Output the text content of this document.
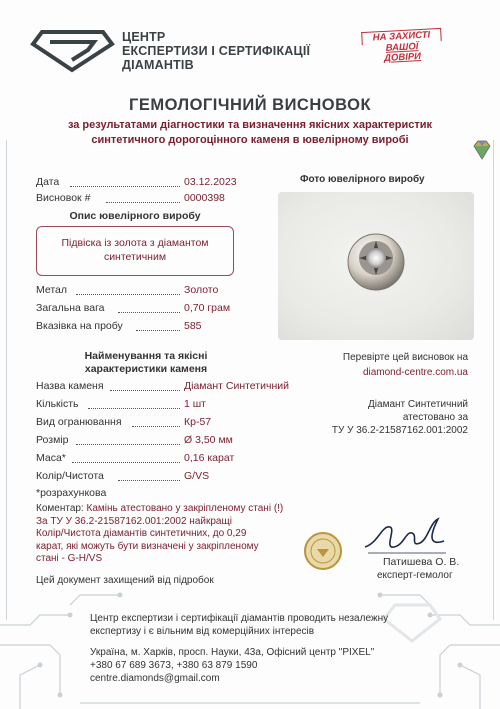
ЦЕНТР
ЕКСПЕРТИЗИ І СЕРТИФІКАЦІЇ
ДІАМАНТІВ
НА ЗАХИСТІ
ВАШОЇ
ДОВІРИ
ГЕМОЛОГІЧНИЙ ВИСНОВОК
за результатами діагностики та визначення якісних характеристик
синтетичного дорогоцінного каменя в ювелірному виробі
Дата	03.12.2023
Висновок #	0000398
Опис ювелірного виробу
Підвіска із золота з діамантом
синтетичним
Метал	Золото
Загальна вага	0,70 грам
Вказівка на пробу	585
Фото ювелірного виробу
Найменування та якісні
характеристики каменя
Назва каменя	Діамант Синтетичний
Кількість	1 шт
Вид огранювання	Кр-57
Розмір	Ø 3,50 мм
Маса*	0,16 карат
Колір/Чистота	G/VS
*розрахункова
Перевірте цей висновок на
diamond-centre.com.ua
Діамант Синтетичний
атестовано за
ТУ У 36.2-21587162.001:2002
Коментар: Камінь атестовано у закріпленому стані (!)
За ТУ У 36.2-21587162.001:2002 найкращі
Колір/Чистота діамантів синтетичних, до 0,29
карат, які можуть бути визначені у закріпленому
стані - G-H/VS	Патишева О. В.
експерт-гемолог
Цей документ захищений від підробок
Центр експертизи і сертифікації діамантів проводить незалежну
експертизу і є вільним від комерційних інтересів
Україна, м. Харків, просп. Науки, 43а, Офісний центр "PIXEL"
+380 67 689 3673, +380 63 879 1590
centre.diamonds@gmail.com
